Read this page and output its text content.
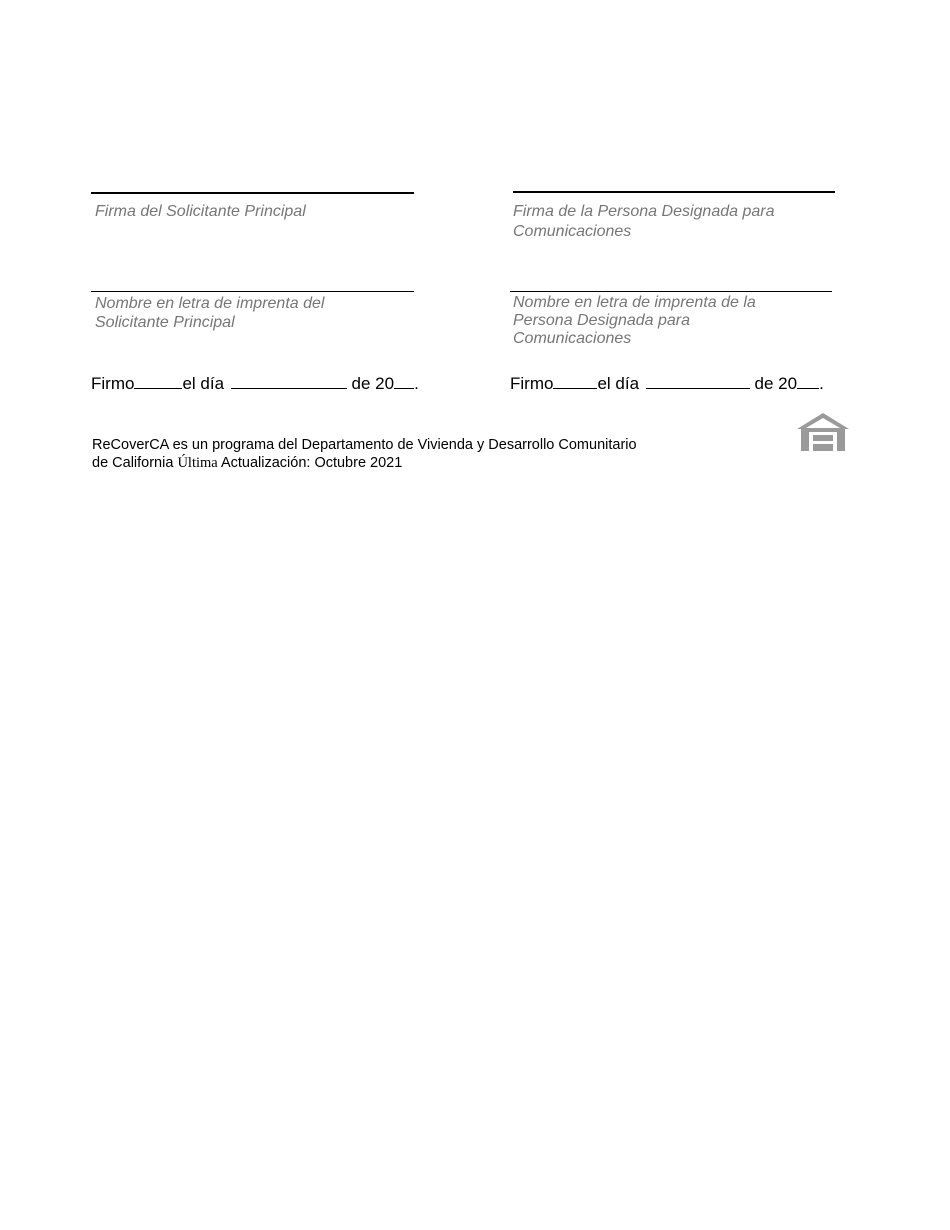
Firma del Solicitante Principal
Nombre en letra de imprenta del
Solicitante Principal
Firma de la Persona Designada para
Comunicaciones
Nombre en letra de imprenta de la
Persona Designada para
Comunicaciones
Firmo	el día	de 20 .	Firmo	el día	de 20 .
ReCoverCA es un programa del Departamento de Vivienda y Desarrollo Comunitario
de California Última Actualización: Octubre 2021
